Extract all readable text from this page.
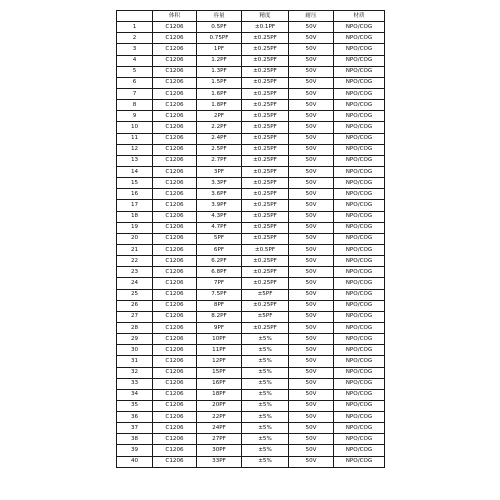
	体积	容量	精度	耐压	材质
1	C1206	0.5PF	±0.1PF	50V	NPO/COG
2	C1206	0.75PF	±0.25PF	50V	NPO/COG
3	C1206	1PF	±0.25PF	50V	NPO/COG
4	C1206	1.2PF	±0.25PF	50V	NPO/COG
5	C1206	1.3PF	±0.25PF	50V	NPO/COG
6	C1206	1.5PF	±0.25PF	50V	NPO/COG
7	C1206	1.6PF	±0.25PF	50V	NPO/COG
8	C1206	1.8PF	±0.25PF	50V	NPO/COG
9	C1206	2PF	±0.25PF	50V	NPO/COG
10	C1206	2.2PF	±0.25PF	50V	NPO/COG
11	C1206	2.4PF	±0.25PF	50V	NPO/COG
12	C1206	2.5PF	±0.25PF	50V	NPO/COG
13	C1206	2.7PF	±0.25PF	50V	NPO/COG
14	C1206	3PF	±0.25PF	50V	NPO/COG
15	C1206	3.3PF	±0.25PF	50V	NPO/COG
16	C1206	3.6PF	±0.25PF	50V	NPO/COG
17	C1206	3.9PF	±0.25PF	50V	NPO/COG
18	C1206	4.3PF	±0.25PF	50V	NPO/COG
19	C1206	4.7PF	±0.25PF	50V	NPO/COG
20	C1206	5PF	±0.25PF	50V	NPO/COG
21	C1206	6PF	±0.5PF	50V	NPO/COG
22	C1206	6.2PF	±0.25PF	50V	NPO/COG
23	C1206	6.8PF	±0.25PF	50V	NPO/COG
24	C1206	7PF	±0.25PF	50V	NPO/COG
25	C1206	7.5PF	±5PF	50V	NPO/COG
26	C1206	8PF	±0.25PF	50V	NPO/COG
27	C1206	8.2PF	±5PF	50V	NPO/COG
28	C1206	9PF	±0.25PF	50V	NPO/COG
29	C1206	10PF	±5%	50V	NPO/COG
30	C1206	11PF	±5%	50V	NPO/COG
31	C1206	12PF	±5%	50V	NPO/COG
32	C1206	15PF	±5%	50V	NPO/COG
33	C1206	16PF	±5%	50V	NPO/COG
34	C1206	18PF	±5%	50V	NPO/COG
35	C1206	20PF	±5%	50V	NPO/COG
36	C1206	22PF	±5%	50V	NPO/COG
37	C1206	24PF	±5%	50V	NPO/COG
38	C1206	27PF	±5%	50V	NPO/COG
39	C1206	30PF	±5%	50V	NPO/COG
40	C1206	33PF	±5%	50V	NPO/COG
